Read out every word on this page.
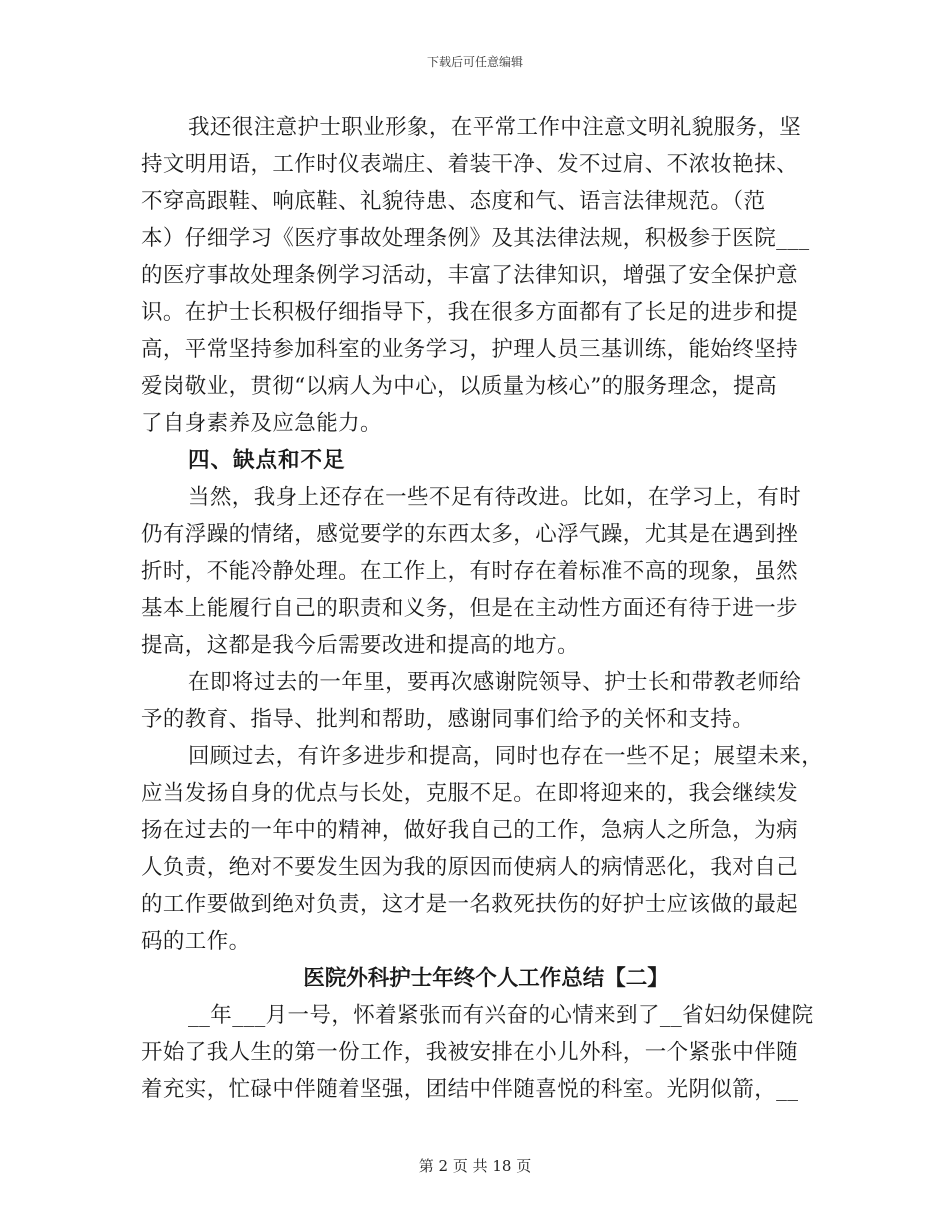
下载后可任意编辑
我还很注意护士职业形象，在平常工作中注意文明礼貌服务，坚
持文明用语，工作时仪表端庄、着装干净、发不过肩、不浓妆艳抹、
不穿高跟鞋、响底鞋、礼貌待患、态度和气、语言法律规范。（范
本）仔细学习《医疗事故处理条例》及其法律法规，积极参于医院___
的医疗事故处理条例学习活动，丰富了法律知识，增强了安全保护意
识。在护士长积极仔细指导下，我在很多方面都有了长足的进步和提
高，平常坚持参加科室的业务学习，护理人员三基训练，能始终坚持
爱岗敬业，贯彻“以病人为中心，以质量为核心”的服务理念，提高
了自身素养及应急能力。
四、缺点和不足
当然，我身上还存在一些不足有待改进。比如，在学习上，有时
仍有浮躁的情绪，感觉要学的东西太多，心浮气躁，尤其是在遇到挫
折时，不能冷静处理。在工作上，有时存在着标准不高的现象，虽然
基本上能履行自己的职责和义务，但是在主动性方面还有待于进一步
提高，这都是我今后需要改进和提高的地方。
在即将过去的一年里，要再次感谢院领导、护士长和带教老师给
予的教育、指导、批判和帮助，感谢同事们给予的关怀和支持。
回顾过去，有许多进步和提高，同时也存在一些不足；展望未来，
应当发扬自身的优点与长处，克服不足。在即将迎来的，我会继续发
扬在过去的一年中的精神，做好我自己的工作，急病人之所急，为病
人负责，绝对不要发生因为我的原因而使病人的病情恶化，我对自己
的工作要做到绝对负责，这才是一名救死扶伤的好护士应该做的最起
码的工作。
医院外科护士年终个人工作总结【二】
__年___月一号，怀着紧张而有兴奋的心情来到了__省妇幼保健院
开始了我人生的第一份工作，我被安排在小儿外科，一个紧张中伴随
着充实，忙碌中伴随着坚强，团结中伴随喜悦的科室。光阴似箭，__
第 2 页 共 18 页
